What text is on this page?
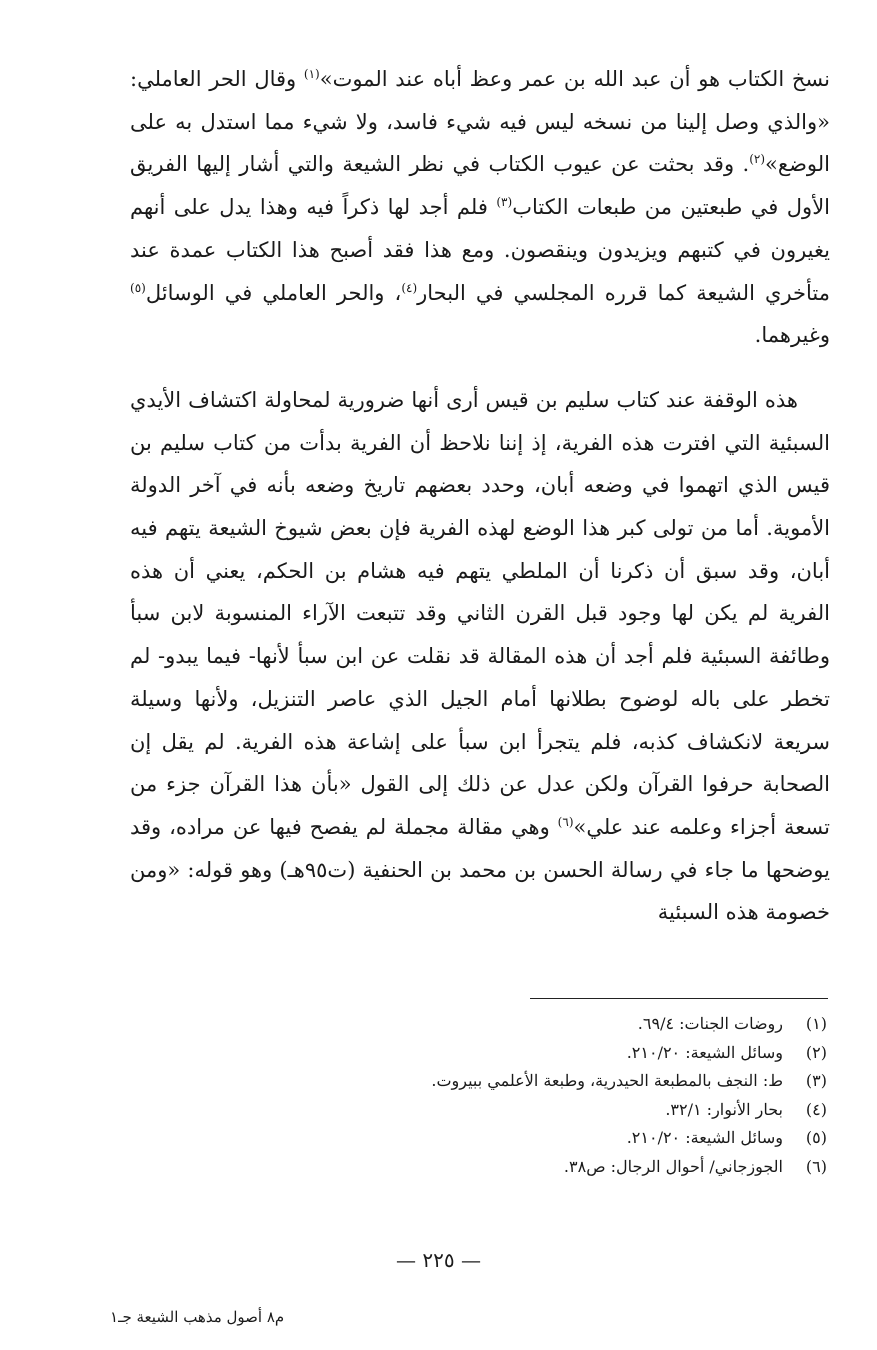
نسخ الكتاب هو أن عبد الله بن عمر وعظ أباه عند الموت»$^{(١)}$ وقال الحر العاملي: «والذي وصل إلينا من نسخه ليس فيه شيء فاسد، ولا شيء مما استدل به على الوضع»$^{(٢)}$. وقد بحثت عن عيوب الكتاب في نظر الشيعة والتي أشار إليها الفريق الأول في طبعتين من طبعات الكتاب$^{(٣)}$ فلم أجد لها ذكراً فيه وهذا يدل على أنهم يغيرون في كتبهم ويزيدون وينقصون. ومع هذا فقد أصبح هذا الكتاب عمدة عند متأخري الشيعة كما قرره المجلسي في البحار$^{(٤)}$، والحر العاملي في الوسائل$^{(٥)}$ وغيرهما.

هذه الوقفة عند كتاب سليم بن قيس أرى أنها ضرورية لمحاولة اكتشاف الأيدي السبئية التي افترت هذه الفرية، إذ إننا نلاحظ أن الفرية بدأت من كتاب سليم بن قيس الذي اتهموا في وضعه أبان، وحدد بعضهم تاريخ وضعه بأنه في آخر الدولة الأموية. أما من تولى كبر هذا الوضع لهذه الفرية فإن بعض شيوخ الشيعة يتهم فيه أبان، وقد سبق أن ذكرنا أن الملطي يتهم فيه هشام بن الحكم، يعني أن هذه الفرية لم يكن لها وجود قبل القرن الثاني وقد تتبعت الآراء المنسوبة لابن سبأ وطائفة السبئية فلم أجد أن هذه المقالة قد نقلت عن ابن سبأ لأنها- فيما يبدو- لم تخطر على باله لوضوح بطلانها أمام الجيل الذي عاصر التنزيل، ولأنها وسيلة سريعة لانكشاف كذبه، فلم يتجرأ ابن سبأ على إشاعة هذه الفرية. لم يقل إن الصحابة حرفوا القرآن ولكن عدل عن ذلك إلى القول «بأن هذا القرآن جزء من تسعة أجزاء وعلمه عند علي»$^{(٦)}$ وهي مقالة مجملة لم يفصح فيها عن مراده، وقد يوضحها ما جاء في رسالة الحسن بن محمد بن الحنفية (ت٩٥هـ) وهو قوله: «ومن خصومة هذه السبئية

(١)
روضات الجنات: ٦٩/٤.
(٢)
وسائل الشيعة: ٢١٠/٢٠.
(٣)
ط: النجف بالمطبعة الحيدرية، وطبعة الأعلمي ببيروت.
(٤)
بحار الأنوار: ٣٢/١.
(٥)
وسائل الشيعة: ٢١٠/٢٠.
(٦)
الجوزجاني/ أحوال الرجال: ص٣٨.
— ٢٢٥ —
م٨ أصول مذهب الشيعة جـ١
